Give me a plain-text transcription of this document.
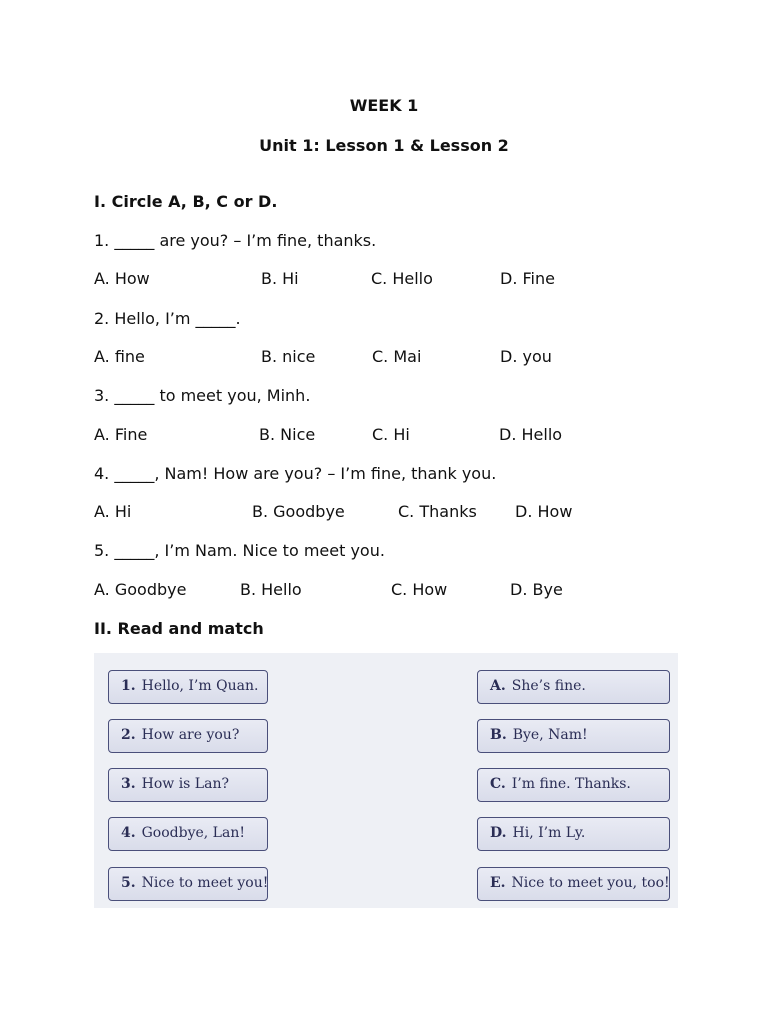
WEEK 1
Unit 1: Lesson 1 & Lesson 2
I. Circle A, B, C or D.
1. _____ are you? – I’m fine, thanks.
A. How	B. Hi	C. Hello	D. Fine
2. Hello, I’m _____.
A. fine	B. nice	C. Mai	D. you
3. _____ to meet you, Minh.
A. Fine	B. Nice	C. Hi	D. Hello
4. _____, Nam! How are you? – I’m fine, thank you.
A. Hi	B. Goodbye	C. Thanks D. How
5. _____, I’m Nam. Nice to meet you.
A. Goodbye	B. Hello	C. How	D. Bye
II. Read and match
1. Hello, I’m Quan.
2. How are you?
3. How is Lan?
4. Goodbye, Lan!
5. Nice to meet you!
A. She’s fine.
B. Bye, Nam!
C. I’m fine. Thanks.
D. Hi, I’m Ly.
E. Nice to meet you, too!
